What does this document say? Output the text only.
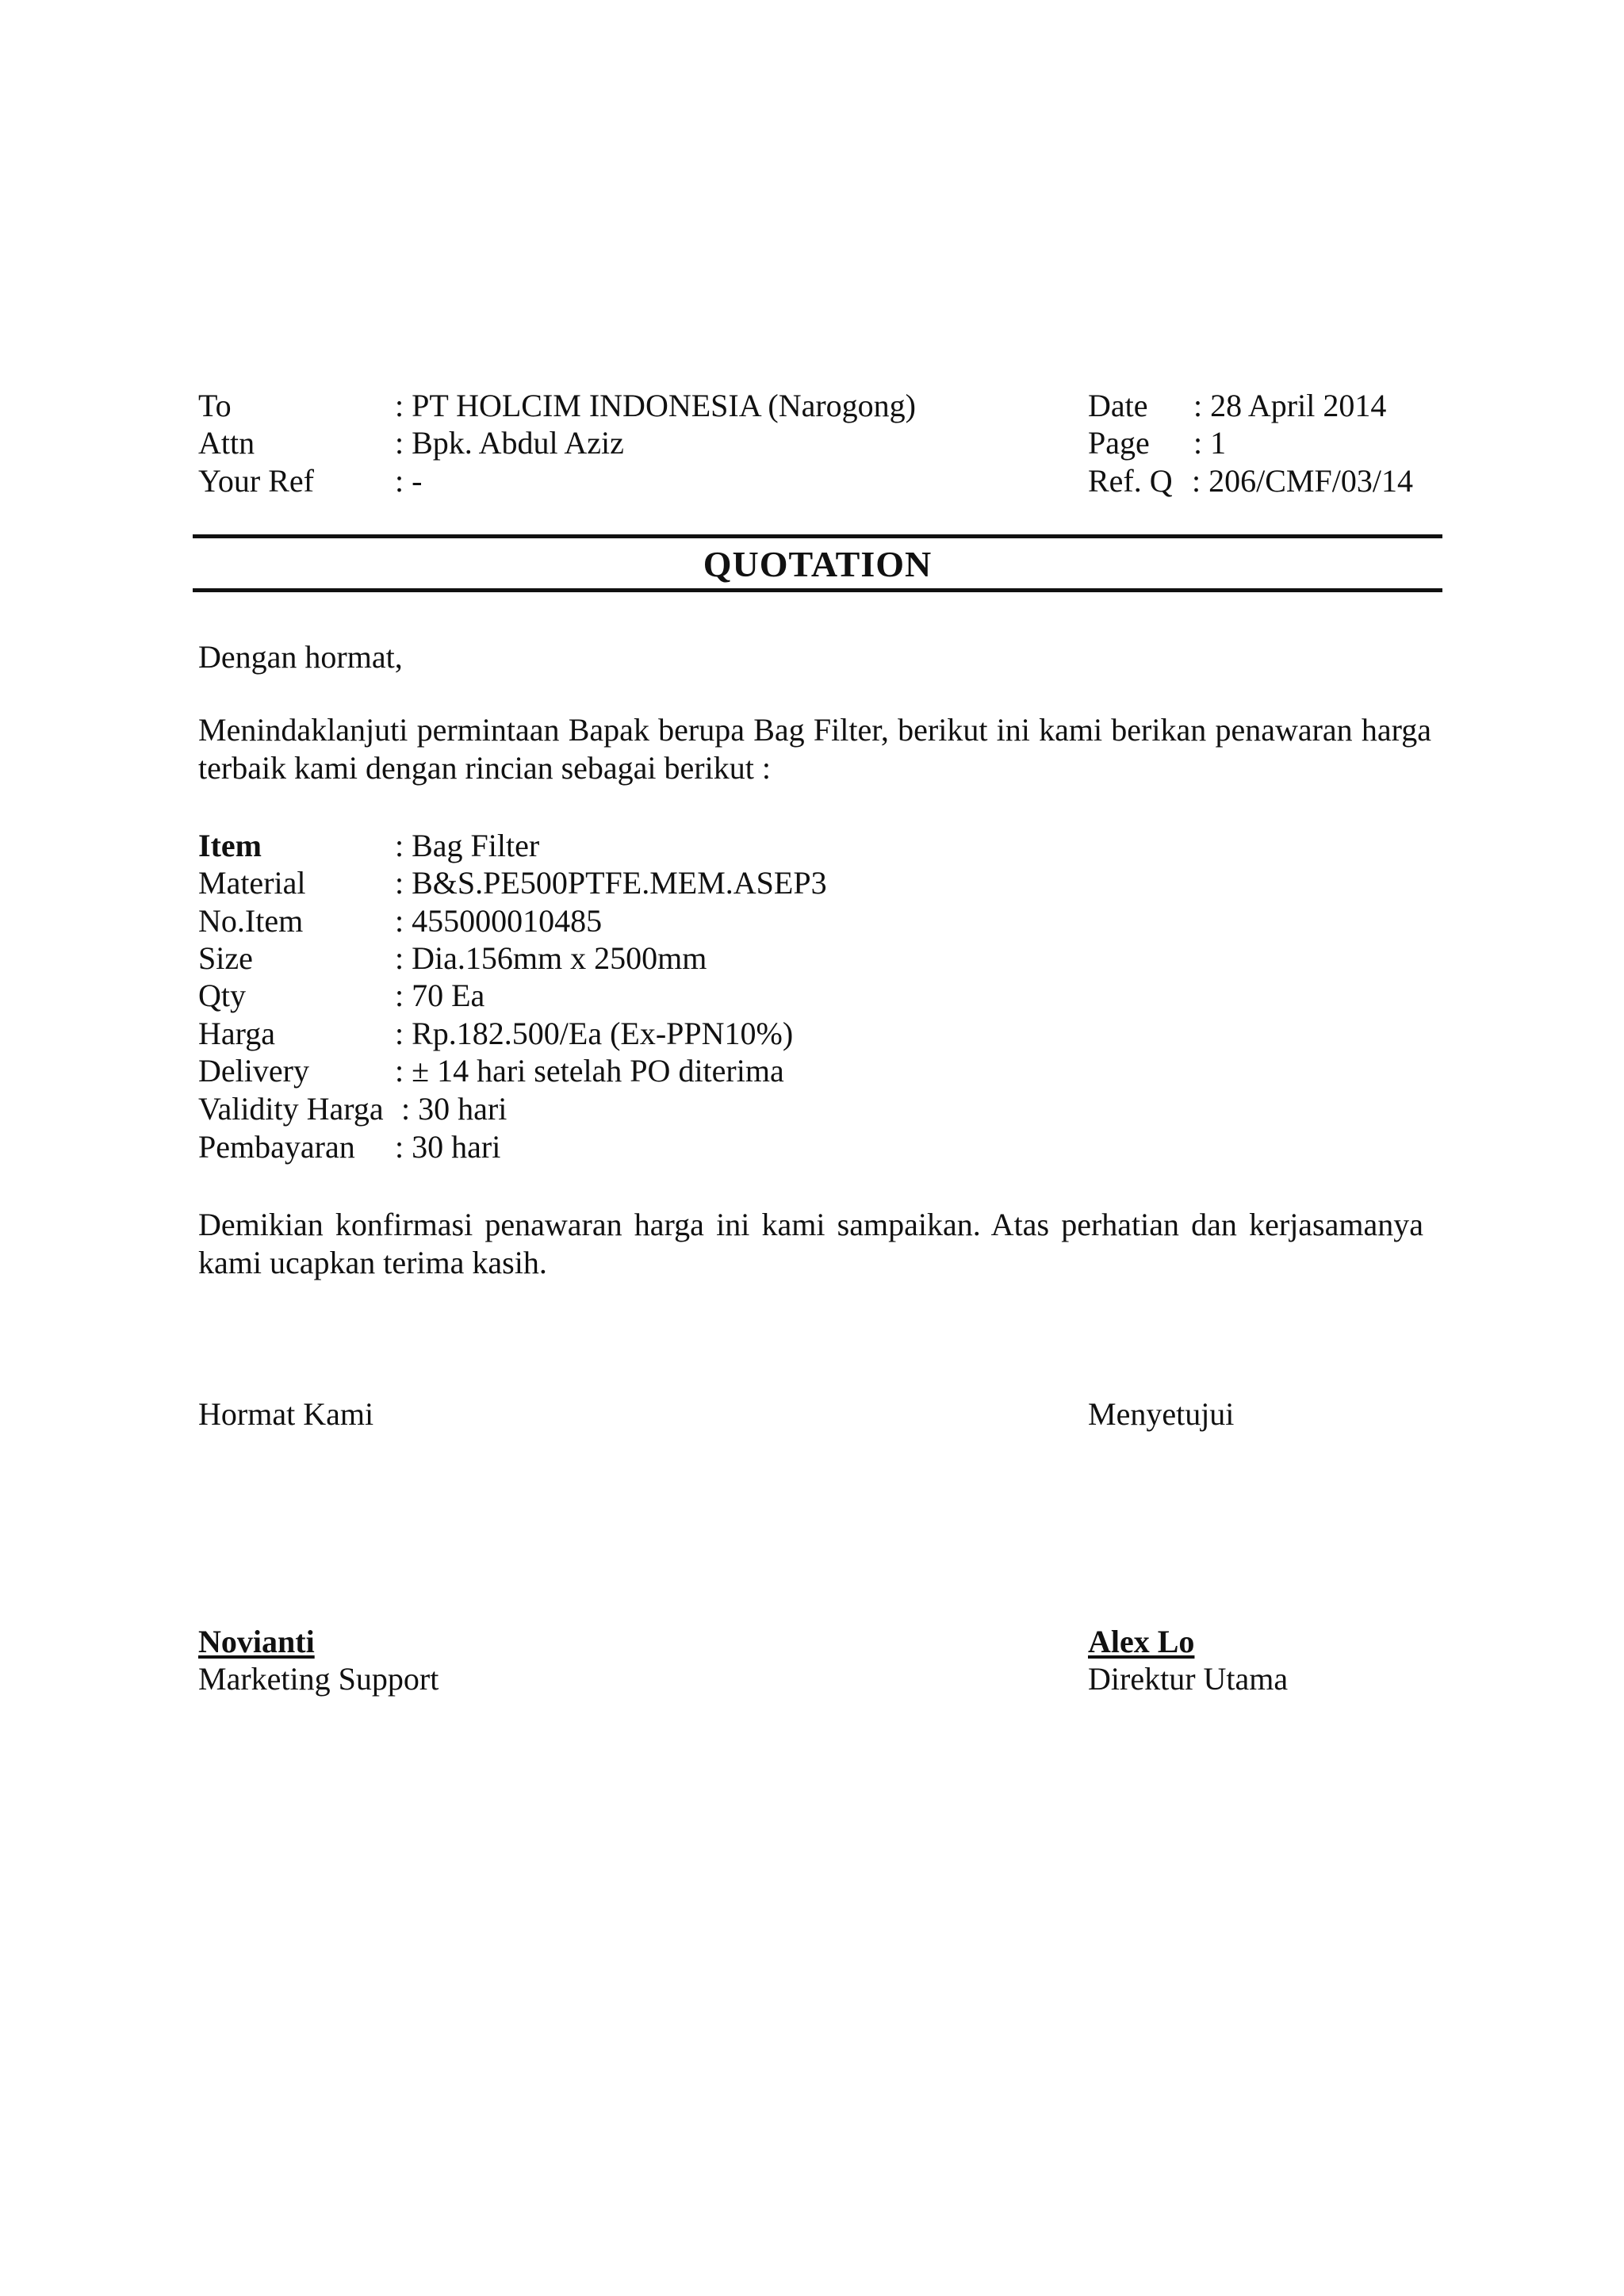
To	: PT HOLCIM INDONESIA (Narogong)
Attn	: Bpk. Abdul Aziz
Your Ref	: -
Date : 28 April 2014
Page : 1
Ref. Q : 206/CMF/03/14
QUOTATION
Dengan hormat,
Menindaklanjuti permintaan Bapak berupa Bag Filter, berikut ini kami berikan penawaran harga terbaik kami dengan rincian sebagai berikut :
Item	: Bag Filter
Material	: B&S.PE500PTFE.MEM.ASEP3
No.Item	: 455000010485
Size	: Dia.156mm x 2500mm
Qty	: 70 Ea
Harga	: Rp.182.500/Ea (Ex-PPN10%)
Delivery	: ± 14 hari setelah PO diterima
Validity Harga : 30 hari
Pembayaran : 30 hari
Demikian konfirmasi penawaran harga ini kami sampaikan. Atas perhatian dan kerjasamanya kami ucapkan terima kasih.
Hormat Kami	Menyetujui
Novianti	Alex Lo
Marketing Support	Direktur Utama
